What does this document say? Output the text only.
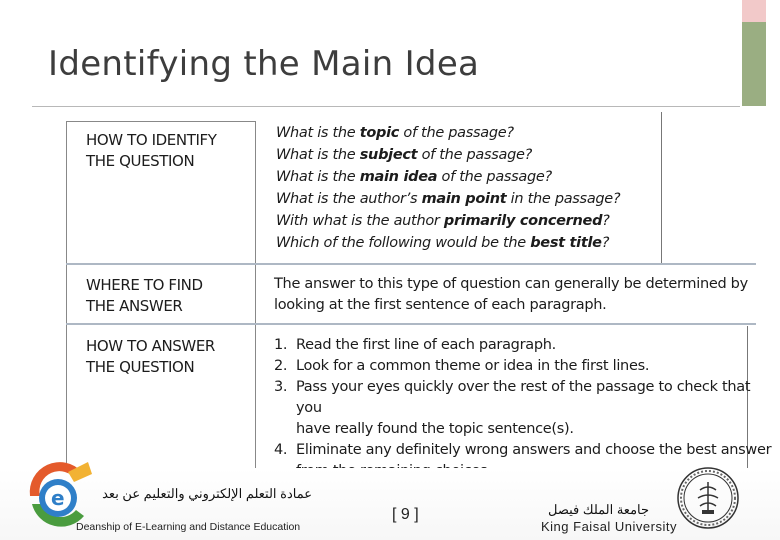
Identifying the Main Idea
HOW TO IDENTIFY
THE QUESTION
What is the topic of the passage?
What is the subject of the passage?
What is the main idea of the passage?
What is the author’s main point in the passage?
With what is the author primarily concerned?
Which of the following would be the best title?
WHERE TO FIND
THE ANSWER
The answer to this type of question can generally be determined by
looking at the first sentence of each paragraph.
HOW TO ANSWER
THE QUESTION
1. Read the first line of each paragraph.
2. Look for a common theme or idea in the first lines.
3. Pass your eyes quickly over the rest of the passage to check that you
have really found the topic sentence(s).
4. Eliminate any definitely wrong answers and choose the best answer
e	عمادة التعلم الإلكتروني والتعليم عن بعد
Deanship of E-Learning and Distance Education
[ 9 ]	جامعة الملك فيصل
King Faisal University
